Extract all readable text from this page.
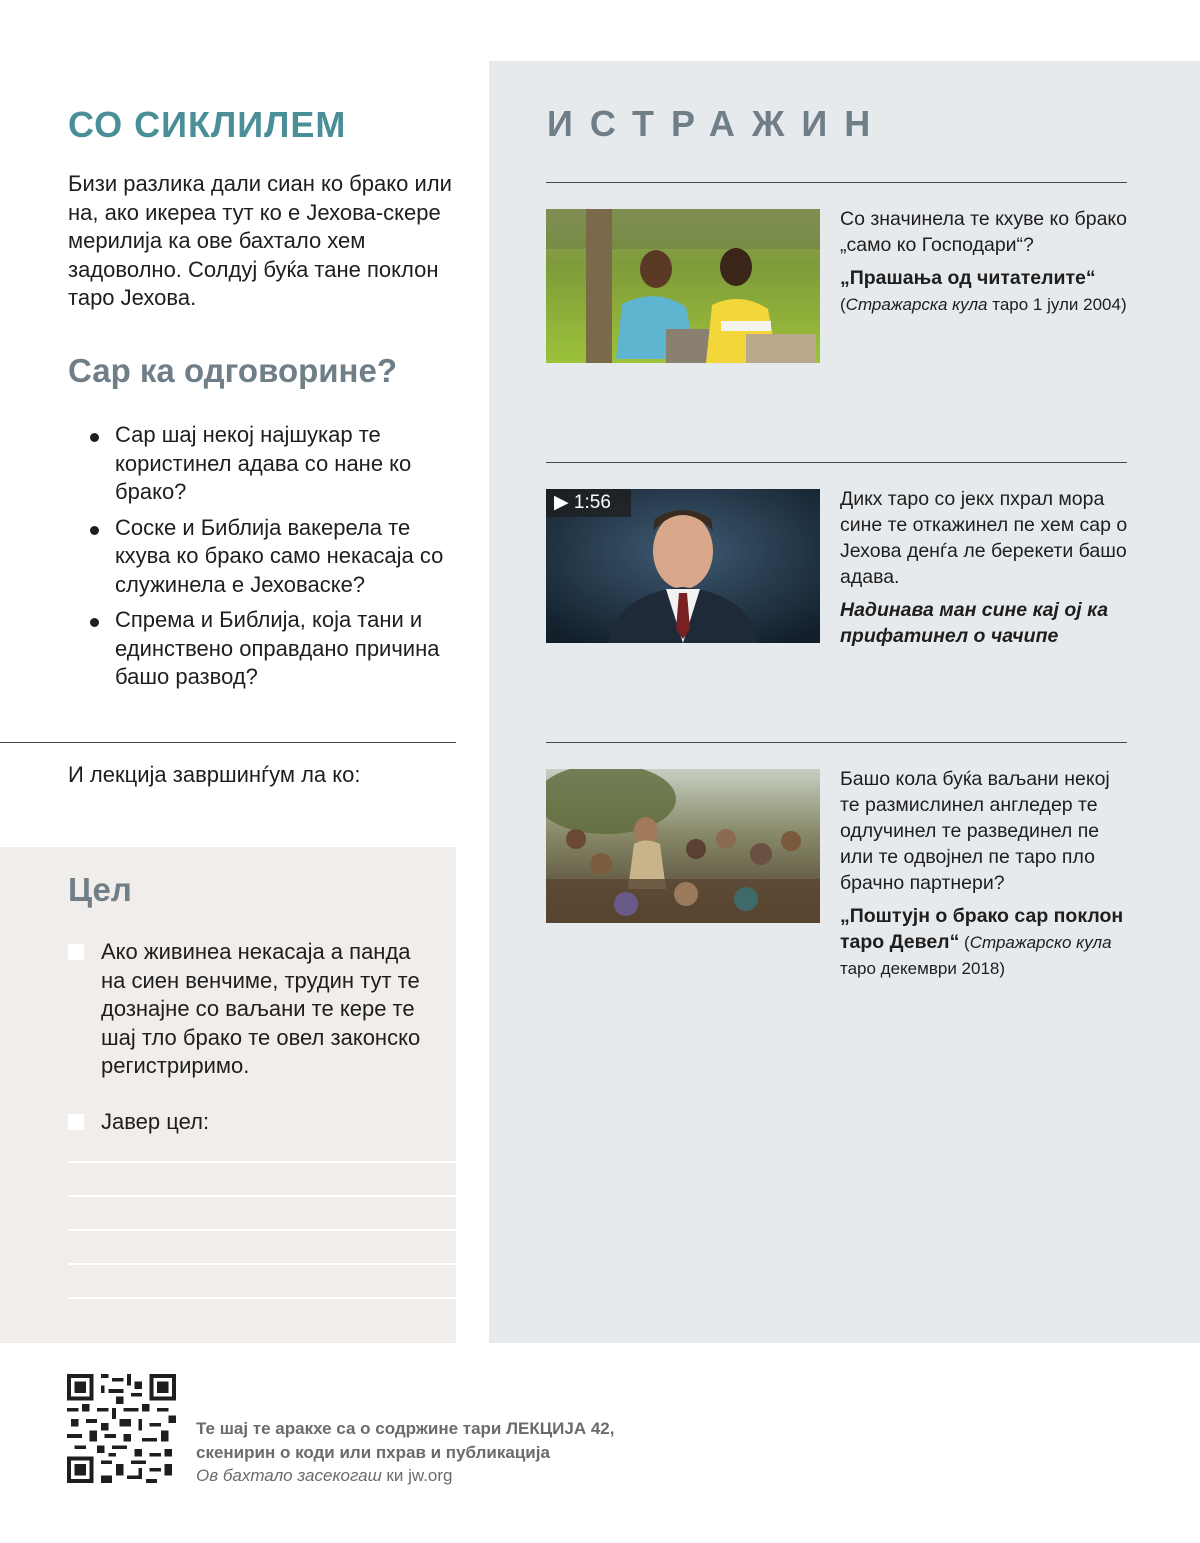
СО СИКЛИЛЕМ

Бизи разлика дали сиан ко брако или на, ако икереа тут ко е Јехова-скере мерилија ка ове бахтало хем задоволно. Солдуј буќа тане поклон таро Јехова.

Сар ка одговорине?
Сар шај некој најшукар те користинел адава со нане ко брако?
Соске и Библија вакерела те кхува ко брако само некасаја со служинела е Јеховаске?
Спрема и Библија, која тани и единствено оправдано причина башо развод?

И лекција завршинѓум ла ко:

Цел
Ако живинеа некасаја а панда на сиен венчиме, трудин тут те дознајне со ваљани те кере те шај тло брако те овел законско регистриримо.
Јавер цел:
ИСТРАЖИН

Со значинела те кхуве ко брако „само ко Господари“?

„Прашања од читателите“ (Стражарска кула таро 1 јули 2004)

▶ 1:56	Дикх таро со јекх пхрал мора сине те откажинел пе хем сар о Јехова денѓа ле берекети башо адава.

Надинава ман сине кај ој ка прифатинел о чачипе

Башо кола буќа ваљани некој те размислинел англедер те одлучинел те развединел пе или те одвојнел пе таро пло брачно партнери?

„Поштујн о брако сар поклон таро Девел“ (Стражарско кула таро декември 2018)

Те шај те аракхе са о содржине тари ЛЕКЦИЈА 42,

скенирин о коди или пхрав и публикација

Ов бахтало засекогаш ки jw.org
